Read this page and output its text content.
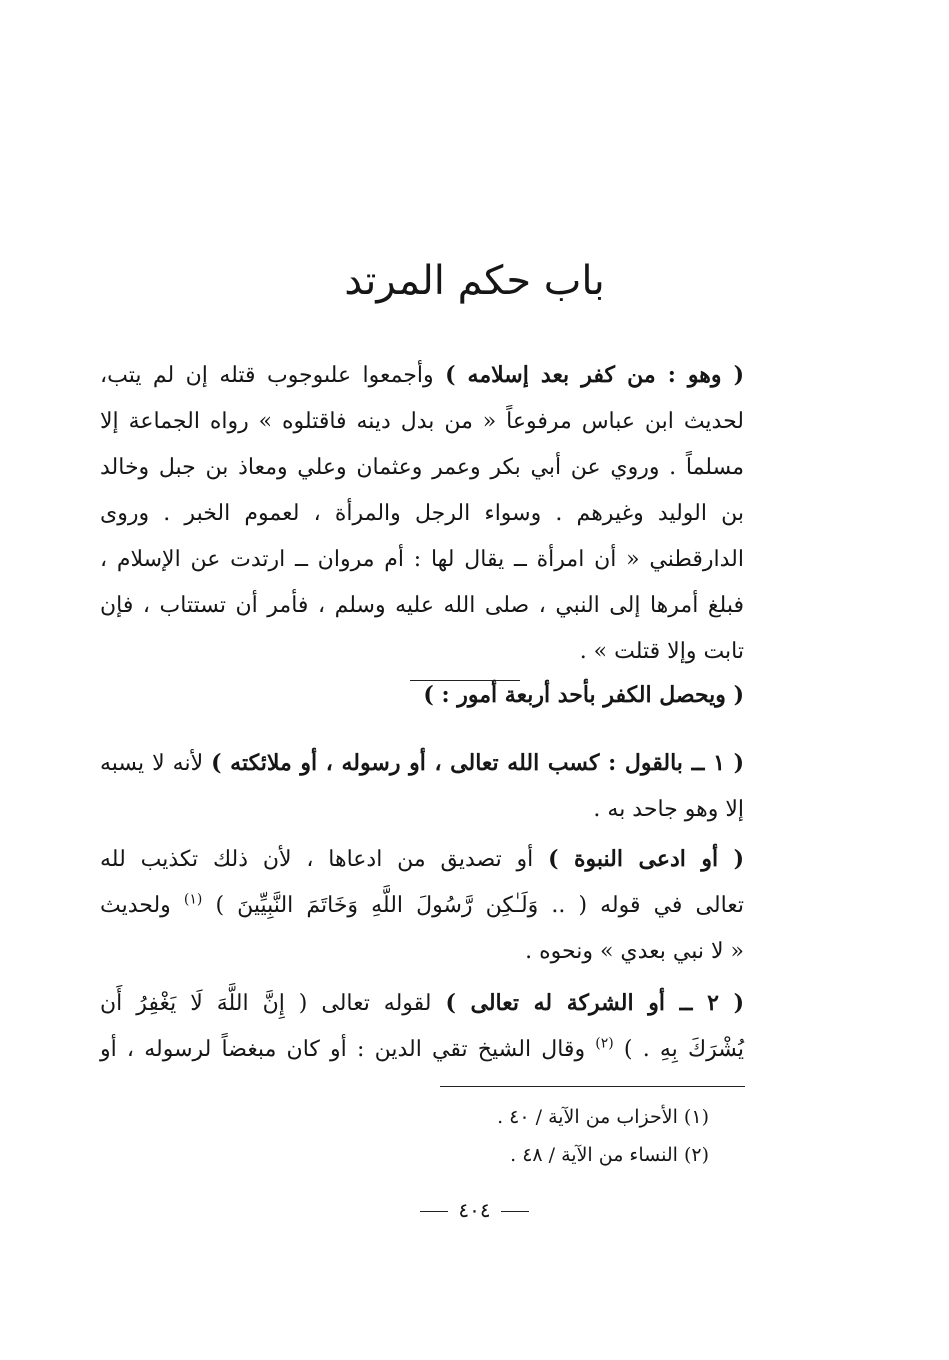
باب حكم المرتد
( وهو : من كفر بعد إسلامه ) وأجمعوا علىوجوب قتله إن لم يتب،
لحديث ابن عباس مرفوعاً « من بدل دينه فاقتلوه » رواه الجماعة إلا
مسلماً . وروي عن أبي بكر وعمر وعثمان وعلي ومعاذ بن جبل وخالد
بن الوليد وغيرهم . وسواء الرجل والمرأة ، لعموم الخبر . وروى
الدارقطني « أن امرأة ــ يقال لها : أم مروان ــ ارتدت عن الإسلام ،
فبلغ أمرها إلى النبي ، صلى الله عليه وسلم ، فأمر أن تستتاب ، فإن
تابت وإلا قتلت » .
( ويحصل الكفر بأحد أربعة أمور : )
( ١ ــ بالقول : كسب الله تعالى ، أو رسوله ، أو ملائكته ) لأنه لا يسبه
إلا وهو جاحد به .
( أو ادعى النبوة ) أو تصديق من ادعاها ، لأن ذلك تكذيب لله
تعالى في قوله ( .. وَلَـٰكِن رَّسُولَ اللَّهِ وَخَاتَمَ النَّبِيِّينَ ) $^{(١)}$ ولحديث
« لا نبي بعدي » ونحوه .
( ٢ ــ أو الشركة له تعالى ) لقوله تعالى ( إِنَّ اللَّهَ لَا يَغْفِرُ أَن
يُشْرَكَ بِهِ . ) $^{(٢)}$ وقال الشيخ تقي الدين : أو كان مبغضاً لرسوله ، أو
(١) الأحزاب من الآية / ٤٠ .
(٢) النساء من الآية / ٤٨ .
٤٠٤
